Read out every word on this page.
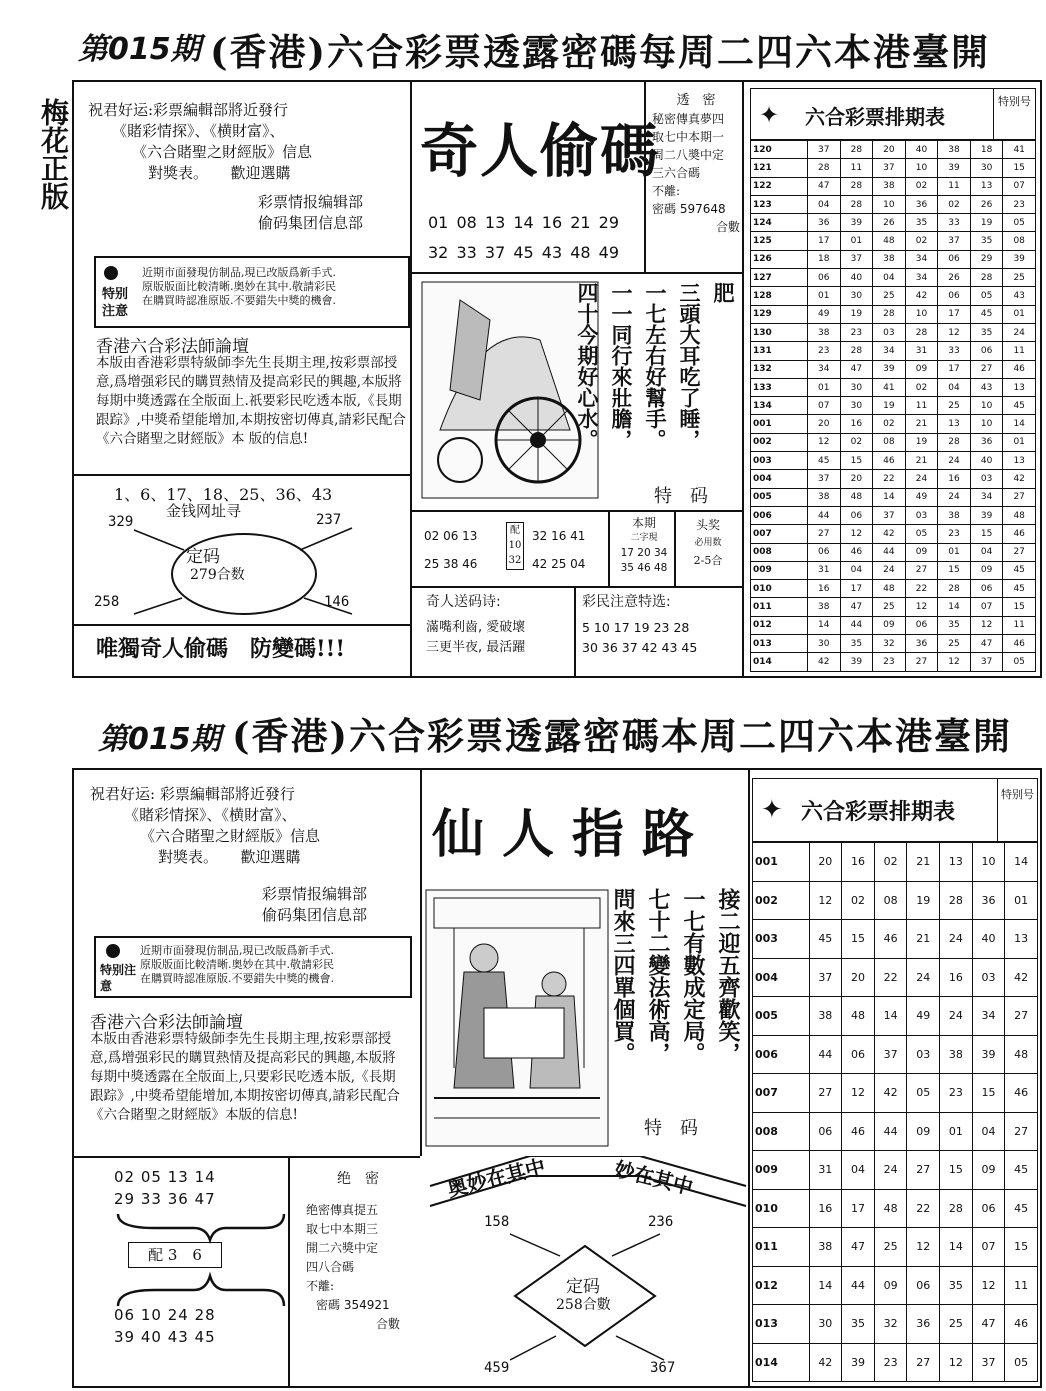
第015期 (香港)六合彩票透露密碼每周二四六本港臺開
梅花正版 祝君好运:彩票編輯部將近發行
《賭彩情探》、《横財富》、
《六合賭聖之財經版》信息
對獎表。　　歡迎選購
彩票情报编辑部
偷码集团信息部
特别注意
近期市面發現仿制品,現已改版爲新手式.
原版版面比較清晰.奥妙在其中.敬請彩民
在購買時認准原版.不要錯失中獎的機會.
香港六合彩法師論壇
本版由香港彩票特級師李先生長期主理,按彩票部授意,爲增强彩民的購買熱情及提高彩民的興趣,本版將每期中獎透露在全版面上.祇要彩民吃透本版,《長期跟踪》,中獎希望能增加,本期按密切傳真,請彩民配合《六合賭聖之財經版》本 版的信息!
1、6、17、18、25、36、43
金钱网址寻
329	237
258	146
定码
279合数
唯獨奇人偷碼　防變碼!!!
奇人偷碼
01 08 13 14 16 21 29
32 33 37 45 43 48 49
透　密
秘密傳真夢四
取七中本期一
周二八奬中定
三六合碼
不離:
密碼 597648
合數
肥
三頭大耳吃了睡，
一七左右好幫手。
一一同行來壯膽，
四十今期好心水。
特　码
02 06 13
25 38 46
配
10
32
32 16 41
42 25 04
本期
二字現
17 20 34
35 46 48
头奖
必用数
2-5合
奇人送码诗:
滿嘴利齒, 愛破壞
三更半夜, 最活躍
彩民注意特选:
5 10 17 19 23 28
30 36 37 42 43 45
✦ 六合彩票排期表
特别号
120	37	28	20	40	38	18	41
121	28	11	37	10	39	30	15
122	47	28	38	02	11	13	07
123	04	28	10	36	02	26	23
124	36	39	26	35	33	19	05
125	17	01	48	02	37	35	08
126	18	37	38	34	06	29	39
127	06	40	04	34	26	28	25
128	01	30	25	42	06	05	43
129	49	19	28	10	17	45	01
130	38	23	03	28	12	35	24
131	23	28	34	31	33	06	11
132	34	47	39	09	17	27	46
133	01	30	41	02	04	43	13
134	07	30	19	11	25	10	45
001	20	16	02	21	13	10	14
002	12	02	08	19	28	36	01
003	45	15	46	21	24	40	13
004	37	20	22	24	16	03	42
005	38	48	14	49	24	34	27
006	44	06	37	03	38	39	48
007	27	12	42	05	23	15	46
008	06	46	44	09	01	04	27
009	31	04	24	27	15	09	45
010	16	17	48	22	28	06	45
011	38	47	25	12	14	07	15
012	14	44	09	06	35	12	11
013	30	35	32	36	25	47	46
014	42	39	23	27	12	37	05
第015期 (香港)六合彩票透露密碼本周二四六本港臺開
祝君好运: 彩票編輯部將近發行
《賭彩情探》、《横財富》、
《六合賭聖之財經版》信息
對獎表。　　歡迎選購
彩票情报编辑部
偷码集团信息部
特别注意
近期市面發現仿制品,現已改版爲新手式.
原版版面比較清晰.奥妙在其中.敬請彩民
在購買時認准原版.不要錯失中獎的機會.
香港六合彩法師論壇
本版由香港彩票特級師李先生長期主理,按彩票部授意,爲增强彩民的購買熱情及提高彩民的興趣,本版將每期中獎透露在全版面上,只要彩民吃透本版,《長期跟踪》,中獎希望能增加,本期按密切傳真,請彩民配合《六合賭聖之財經版》本版的信息!
02 05 13 14
29 33 36 47
配 3　6
06 10 24 28
39 40 43 45
绝　密
绝密傳真提五
取七中本期三
開二六獎中定
四八合碼
不離:
密碼 354921
合數
仙人指路
接二迎五齊歡笑，
一七有數成定局。
七十二變法術高，
問來三四單個買。
特　码
奥妙在其中	妙在其中
158	236
459	367
定码
258合數
✦ 六合彩票排期表
特别号
001	20	16	02	21	13	10	14
002	12	02	08	19	28	36	01
003	45	15	46	21	24	40	13
004	37	20	22	24	16	03	42
005	38	48	14	49	24	34	27
006	44	06	37	03	38	39	48
007	27	12	42	05	23	15	46
008	06	46	44	09	01	04	27
009	31	04	24	27	15	09	45
010	16	17	48	22	28	06	45
011	38	47	25	12	14	07	15
012	14	44	09	06	35	12	11
013	30	35	32	36	25	47	46
014	42	39	23	27	12	37	05
